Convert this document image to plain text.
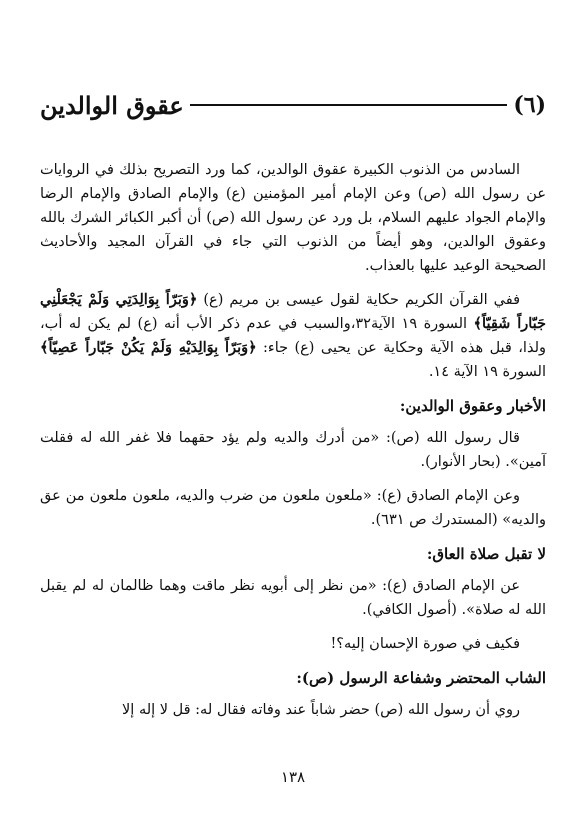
(٦)
عقوق الوالدين

السادس من الذنوب الكبيرة عقوق الوالدين، كما ورد التصريح بذلك في الروايات عن رسول الله (ص) وعن الإمام أمير المؤمنين (ع) والإمام الصادق والإمام الرضا والإمام الجواد عليهم السلام، بل ورد عن رسول الله (ص) أن أكبر الكبائر الشرك بالله وعقوق الوالدين، وهو أيضاً من الذنوب التي جاء في القرآن المجيد والأحاديث الصحيحة الوعيد عليها بالعذاب.

ففي القرآن الكريم حكاية لقول عيسى بن مريم (ع) ﴿وَبَرّاً بِوَالِدَتِي وَلَمْ يَجْعَلْنِي جَبّاراً شَقِيّاً﴾ السورة ١٩ الآية٣٢،والسبب في عدم ذكر الأب أنه (ع) لم يكن له أب، ولذا، قبل هذه الآية وحكاية عن يحيى (ع) جاء: ﴿وَبَرّاً بِوَالِدَيْهِ وَلَمْ يَكُنْ جَبّاراً عَصِيّاً﴾ السورة ١٩ الآية ١٤.

الأخبار وعقوق الوالدين:

قال رسول الله (ص): «من أدرك والديه ولم يؤد حقهما فلا غفر الله له فقلت آمين». (بحار الأنوار).

وعن الإمام الصادق (ع): «ملعون ملعون من ضرب والديه، ملعون ملعون من عق والديه» (المستدرك ص ٦٣١).

لا تقبل صلاة العاق:

عن الإمام الصادق (ع): «من نظر إلى أبويه نظر ماقت وهما ظالمان له لم يقبل الله له صلاة». (أصول الكافي).

فكيف في صورة الإحسان إليه؟!

الشاب المحتضر وشفاعة الرسول (ص):

روي أن رسول الله (ص) حضر شاباً عند وفاته فقال له: قل لا إله إلا

١٣٨
